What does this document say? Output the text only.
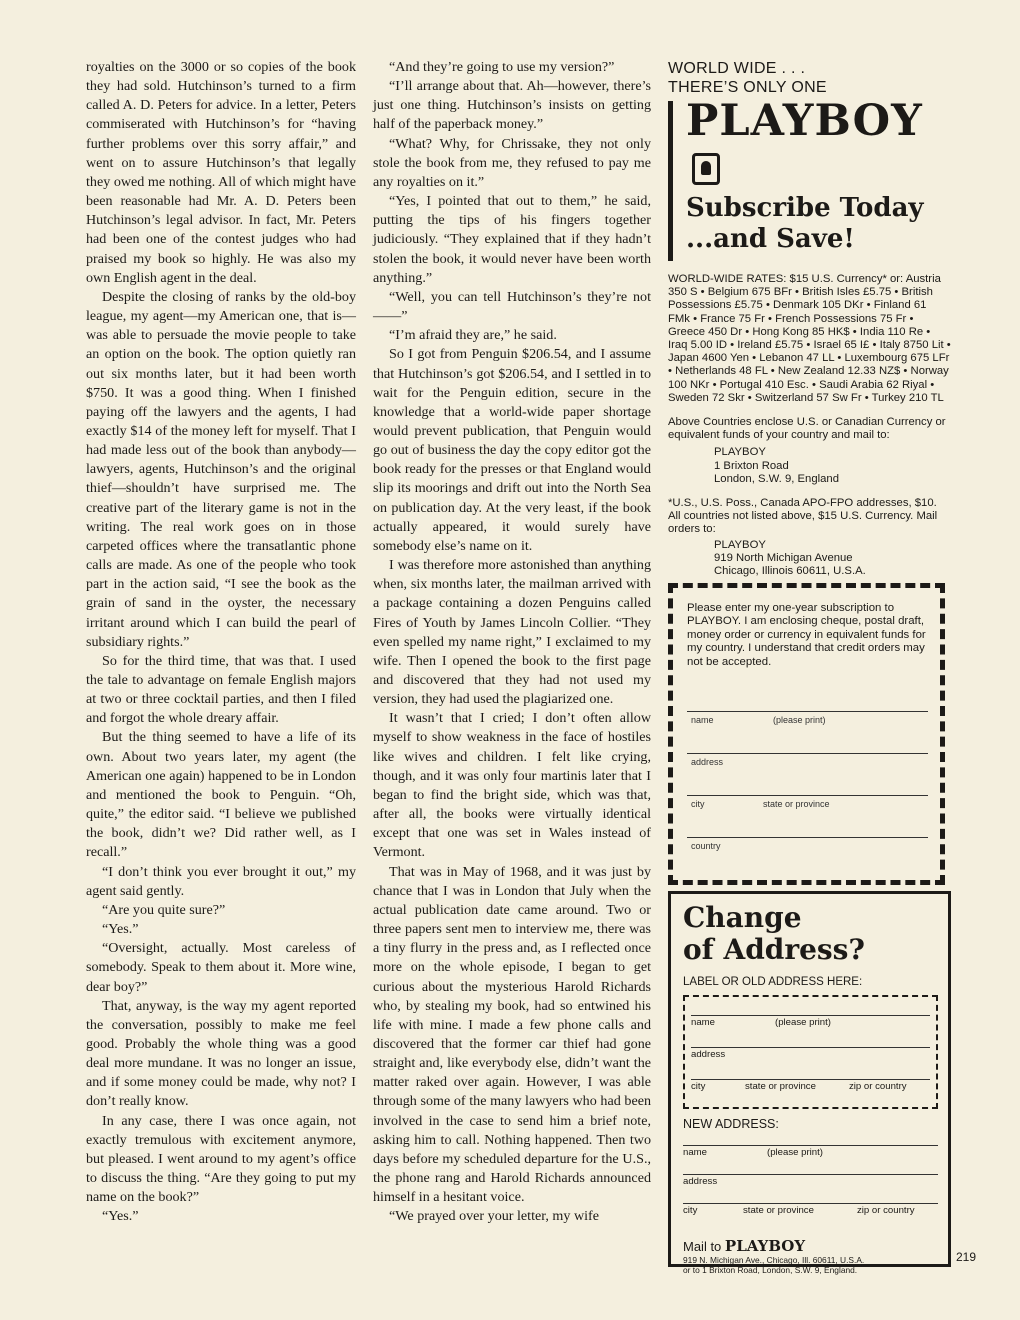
royalties on the 3000 or so copies of the book they had sold. Hutchinson’s turned to a firm called A. D. Peters for advice. In a letter, Peters commiserated with Hutchinson’s for “having further problems over this sorry affair,” and went on to assure Hutchinson’s that legally they owed me nothing. All of which might have been reasonable had Mr. A. D. Peters been Hutchinson’s legal advisor. In fact, Mr. Peters had been one of the contest judges who had praised my book so highly. He was also my own English agent in the deal.

Despite the closing of ranks by the old-boy league, my agent—my American one, that is—was able to persuade the movie people to take an option on the book. The option quietly ran out six months later, but it had been worth $750. It was a good thing. When I finished paying off the lawyers and the agents, I had exactly $14 of the money left for myself. That I had made less out of the book than anybody—lawyers, agents, Hutchinson’s and the original thief—shouldn’t have surprised me. The creative part of the literary game is not in the writing. The real work goes on in those carpeted offices where the transatlantic phone calls are made. As one of the people who took part in the action said, “I see the book as the grain of sand in the oyster, the necessary irritant around which I can build the pearl of subsidiary rights.”

So for the third time, that was that. I used the tale to advantage on female English majors at two or three cocktail parties, and then I filed and forgot the whole dreary affair.

But the thing seemed to have a life of its own. About two years later, my agent (the American one again) happened to be in London and mentioned the book to Penguin. “Oh, quite,” the editor said. “I believe we published the book, didn’t we? Did rather well, as I recall.”

“I don’t think you ever brought it out,” my agent said gently.

“Are you quite sure?”

“Yes.”

“Oversight, actually. Most careless of somebody. Speak to them about it. More wine, dear boy?”

That, anyway, is the way my agent reported the conversation, possibly to make me feel good. Probably the whole thing was a good deal more mundane. It was no longer an issue, and if some money could be made, why not? I don’t really know.

In any case, there I was once again, not exactly tremulous with excitement anymore, but pleased. I went around to my agent’s office to discuss the thing. “Are they going to put my name on the book?”

“Yes.”

“And they’re going to use my version?”

“I’ll arrange about that. Ah—however, there’s just one thing. Hutchinson’s insists on getting half of the paperback money.”

“What? Why, for Chrissake, they not only stole the book from me, they refused to pay me any royalties on it.”

“Yes, I pointed that out to them,” he said, putting the tips of his fingers together judiciously. “They explained that if they hadn’t stolen the book, it would never have been worth anything.”

“Well, you can tell Hutchinson’s they’re not——”

“I’m afraid they are,” he said.

So I got from Penguin $206.54, and I assume that Hutchinson’s got $206.54, and I settled in to wait for the Penguin edition, secure in the knowledge that a world-wide paper shortage would prevent publication, that Penguin would go out of business the day the copy editor got the book ready for the presses or that England would slip its moorings and drift out into the North Sea on publication day. At the very least, if the book actually appeared, it would surely have somebody else’s name on it.

I was therefore more astonished than anything when, six months later, the mailman arrived with a package containing a dozen Penguins called Fires of Youth by James Lincoln Collier. “They even spelled my name right,” I exclaimed to my wife. Then I opened the book to the first page and discovered that they had not used my version, they had used the plagiarized one.

It wasn’t that I cried; I don’t often allow myself to show weakness in the face of hostiles like wives and children. I felt like crying, though, and it was only four martinis later that I began to find the bright side, which was that, after all, the books were virtually identical except that one was set in Wales instead of Vermont.

That was in May of 1968, and it was just by chance that I was in London that July when the actual publication date came around. Two or three papers sent men to interview me, there was a tiny flurry in the press and, as I reflected once more on the whole episode, I began to get curious about the mysterious Harold Richards who, by stealing my book, had so entwined his life with mine. I made a few phone calls and discovered that the former car thief had gone straight and, like everybody else, didn’t want the matter raked over again. However, I was able through some of the many lawyers who had been involved in the case to send him a brief note, asking him to call. Nothing happened. Then two days before my scheduled departure for the U.S., the phone rang and Harold Richards announced himself in a hesitant voice.

“We prayed over your letter, my wife

WORLD WIDE . . .
THERE’S ONLY ONE
PLAYBOY
Subscribe Today
...and Save!
WORLD-WIDE RATES: $15 U.S. Currency* or: Austria 350 S • Belgium 675 BFr • British Isles £5.75 • British Possessions £5.75 • Denmark 105 DKr • Finland 61 FMk • France 75 Fr • French Possessions 75 Fr • Greece 450 Dr • Hong Kong 85 HK$ • India 110 Re • Iraq 5.00 ID • Ireland £5.75 • Israel 65 I£ • Italy 8750 Lit • Japan 4600 Yen • Lebanon 47 LL • Luxembourg 675 LFr • Netherlands 48 FL • New Zealand 12.33 NZ$ • Norway 100 NKr • Portugal 410 Esc. • Saudi Arabia 62 Riyal • Sweden 72 Skr • Switzerland 57 Sw Fr • Turkey 210 TL
Above Countries enclose U.S. or Canadian Currency or equivalent funds of your country and mail to:
PLAYBOY
1 Brixton Road
London, S.W. 9, England
*U.S., U.S. Poss., Canada APO-FPO addresses, $10. All countries not listed above, $15 U.S. Currency. Mail orders to:
PLAYBOY
919 North Michigan Avenue
Chicago, Illinois 60611, U.S.A.
Please enter my one-year subscription to PLAYBOY. I am enclosing cheque, postal draft, money order or currency in equivalent funds for my country. I understand that credit orders may not be accepted.
name	(please print)
address
city	state or province
country
Change
of Address?
LABEL OR OLD ADDRESS HERE:
name	(please print)
address
city	state or province	zip or country
NEW ADDRESS:
name	(please print)
address
city	state or province	zip or country
Mail to PLAYBOY
919 N. Michigan Ave., Chicago, Ill. 60611, U.S.A.
or to 1 Brixton Road, London, S.W. 9, England.
219
